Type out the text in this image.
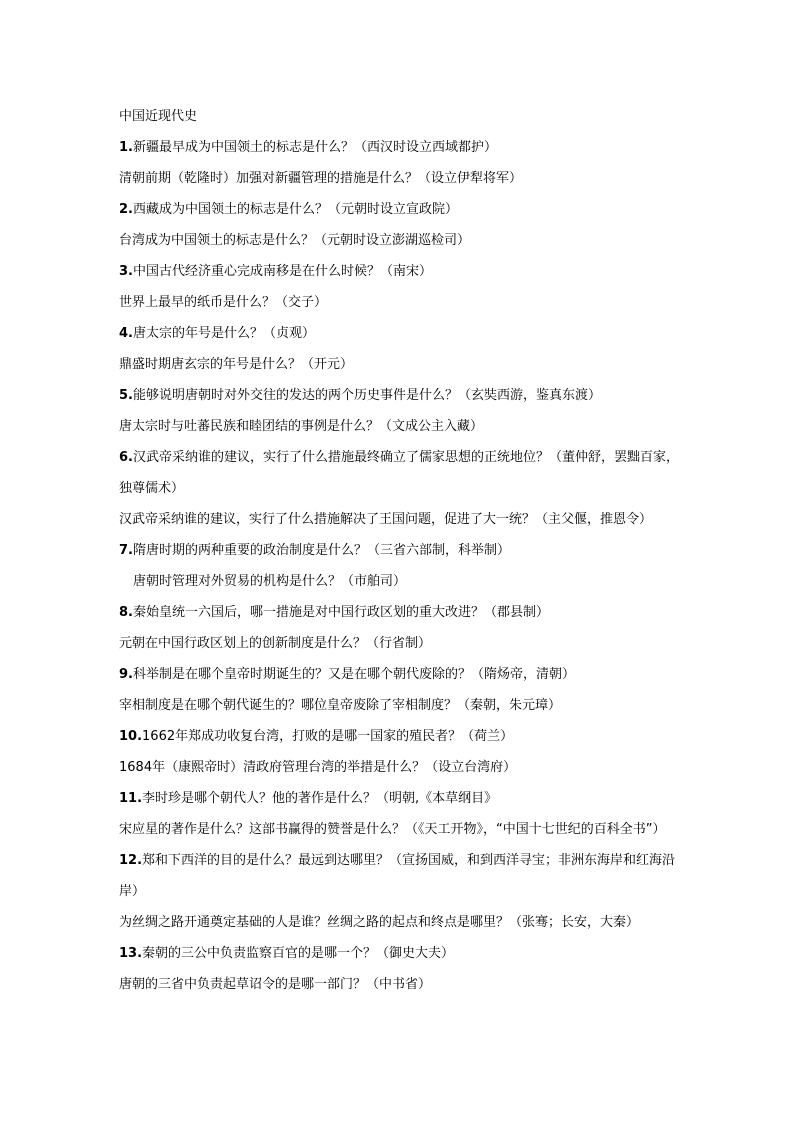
中国近现代史
1.新疆最早成为中国领土的标志是什么？（西汉时设立西域都护）
清朝前期（乾隆时）加强对新疆管理的措施是什么？（设立伊犁将军）
2.西藏成为中国领土的标志是什么？（元朝时设立宣政院）
台湾成为中国领土的标志是什么？（元朝时设立澎湖巡检司）
3.中国古代经济重心完成南移是在什么时候？（南宋）
世界上最早的纸币是什么？（交子）
4.唐太宗的年号是什么？（贞观）
鼎盛时期唐玄宗的年号是什么？（开元）
5.能够说明唐朝时对外交往的发达的两个历史事件是什么？（玄奘西游，鉴真东渡）
唐太宗时与吐蕃民族和睦团结的事例是什么？（文成公主入藏）
6.汉武帝采纳谁的建议，实行了什么措施最终确立了儒家思想的正统地位？（董仲舒，罢黜百家，独尊儒术）
汉武帝采纳谁的建议，实行了什么措施解决了王国问题，促进了大一统？（主父偃，推恩令）
7.隋唐时期的两种重要的政治制度是什么？（三省六部制，科举制）
唐朝时管理对外贸易的机构是什么？（市舶司）
8.秦始皇统一六国后，哪一措施是对中国行政区划的重大改进？（郡县制）
元朝在中国行政区划上的创新制度是什么？（行省制）
9.科举制是在哪个皇帝时期诞生的？又是在哪个朝代废除的？（隋炀帝，清朝）
宰相制度是在哪个朝代诞生的？哪位皇帝废除了宰相制度？（秦朝，朱元璋）
10.1662年郑成功收复台湾，打败的是哪一国家的殖民者？（荷兰）
1684年（康熙帝时）清政府管理台湾的举措是什么？（设立台湾府）
11.李时珍是哪个朝代人？他的著作是什么？（明朝,《本草纲目》
宋应星的著作是什么？这部书赢得的赞誉是什么？（《天工开物》，“中国十七世纪的百科全书”）
12.郑和下西洋的目的是什么？最远到达哪里？（宣扬国威，和到西洋寻宝；非洲东海岸和红海沿岸）
为丝绸之路开通奠定基础的人是谁？丝绸之路的起点和终点是哪里？（张骞；长安，大秦）
13.秦朝的三公中负责监察百官的是哪一个？（御史大夫）
唐朝的三省中负责起草诏令的是哪一部门？（中书省）
